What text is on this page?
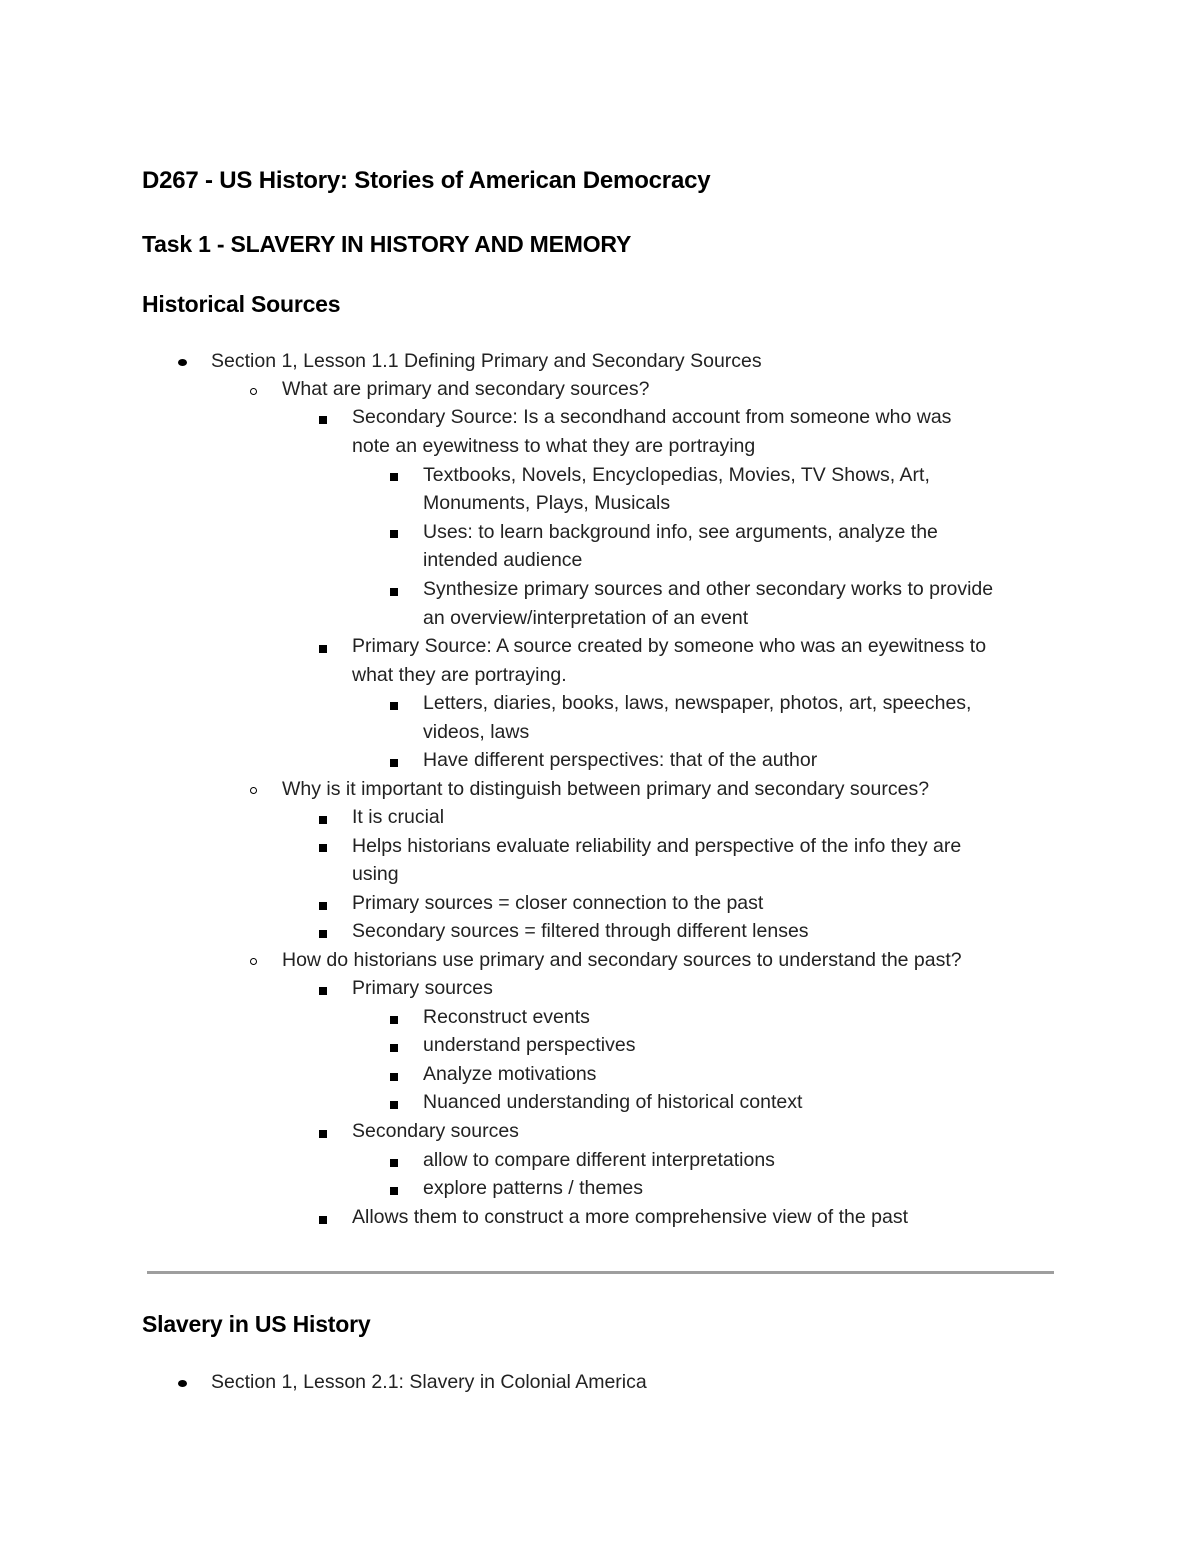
D267 - US History: Stories of American Democracy
Task 1 - SLAVERY IN HISTORY AND MEMORY
Historical Sources
Section 1, Lesson 1.1 Defining Primary and Secondary Sources
What are primary and secondary sources?
Secondary Source: Is a secondhand account from someone who was
note an eyewitness to what they are portraying
Textbooks, Novels, Encyclopedias, Movies, TV Shows, Art,
Monuments, Plays, Musicals
Uses: to learn background info, see arguments, analyze the
intended audience
Synthesize primary sources and other secondary works to provide
an overview/interpretation of an event
Primary Source: A source created by someone who was an eyewitness to
what they are portraying.
Letters, diaries, books, laws, newspaper, photos, art, speeches,
videos, laws
Have different perspectives: that of the author
Why is it important to distinguish between primary and secondary sources?
It is crucial
Helps historians evaluate reliability and perspective of the info they are
using
Primary sources = closer connection to the past
Secondary sources = filtered through different lenses
How do historians use primary and secondary sources to understand the past?
Primary sources
Reconstruct events
understand perspectives
Analyze motivations
Nuanced understanding of historical context
Secondary sources
allow to compare different interpretations
explore patterns / themes
Allows them to construct a more comprehensive view of the past
Slavery in US History
Section 1, Lesson 2.1: Slavery in Colonial America
